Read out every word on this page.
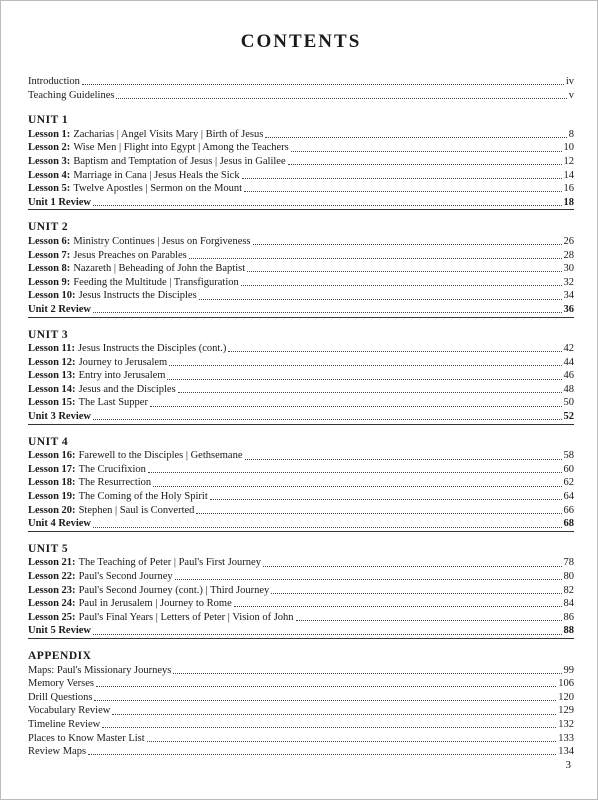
CONTENTS
Introduction	iv
Teaching Guidelines	v
UNIT 1
Lesson 1: Zacharias | Angel Visits Mary | Birth of Jesus	8
Lesson 2: Wise Men | Flight into Egypt | Among the Teachers	10
Lesson 3: Baptism and Temptation of Jesus | Jesus in Galilee	12
Lesson 4: Marriage in Cana | Jesus Heals the Sick	14
Lesson 5: Twelve Apostles | Sermon on the Mount	16
Unit 1 Review	18
UNIT 2
Lesson 6: Ministry Continues | Jesus on Forgiveness	26
Lesson 7: Jesus Preaches on Parables	28
Lesson 8: Nazareth | Beheading of John the Baptist	30
Lesson 9: Feeding the Multitude | Transfiguration	32
Lesson 10: Jesus Instructs the Disciples	34
Unit 2 Review	36
UNIT 3
Lesson 11: Jesus Instructs the Disciples (cont.)	42
Lesson 12: Journey to Jerusalem	44
Lesson 13: Entry into Jerusalem	46
Lesson 14: Jesus and the Disciples	48
Lesson 15: The Last Supper	50
Unit 3 Review	52
UNIT 4
Lesson 16: Farewell to the Disciples | Gethsemane	58
Lesson 17: The Crucifixion	60
Lesson 18: The Resurrection	62
Lesson 19: The Coming of the Holy Spirit	64
Lesson 20: Stephen | Saul is Converted	66
Unit 4 Review	68
UNIT 5
Lesson 21: The Teaching of Peter | Paul's First Journey	78
Lesson 22: Paul's Second Journey	80
Lesson 23: Paul's Second Journey (cont.) | Third Journey	82
Lesson 24: Paul in Jerusalem | Journey to Rome	84
Lesson 25: Paul's Final Years | Letters of Peter | Vision of John	86
Unit 5 Review	88
APPENDIX
Maps: Paul's Missionary Journeys	99
Memory Verses	106
Drill Questions	120
Vocabulary Review	129
Timeline Review	132
Places to Know Master List	133
Review Maps	134
3
